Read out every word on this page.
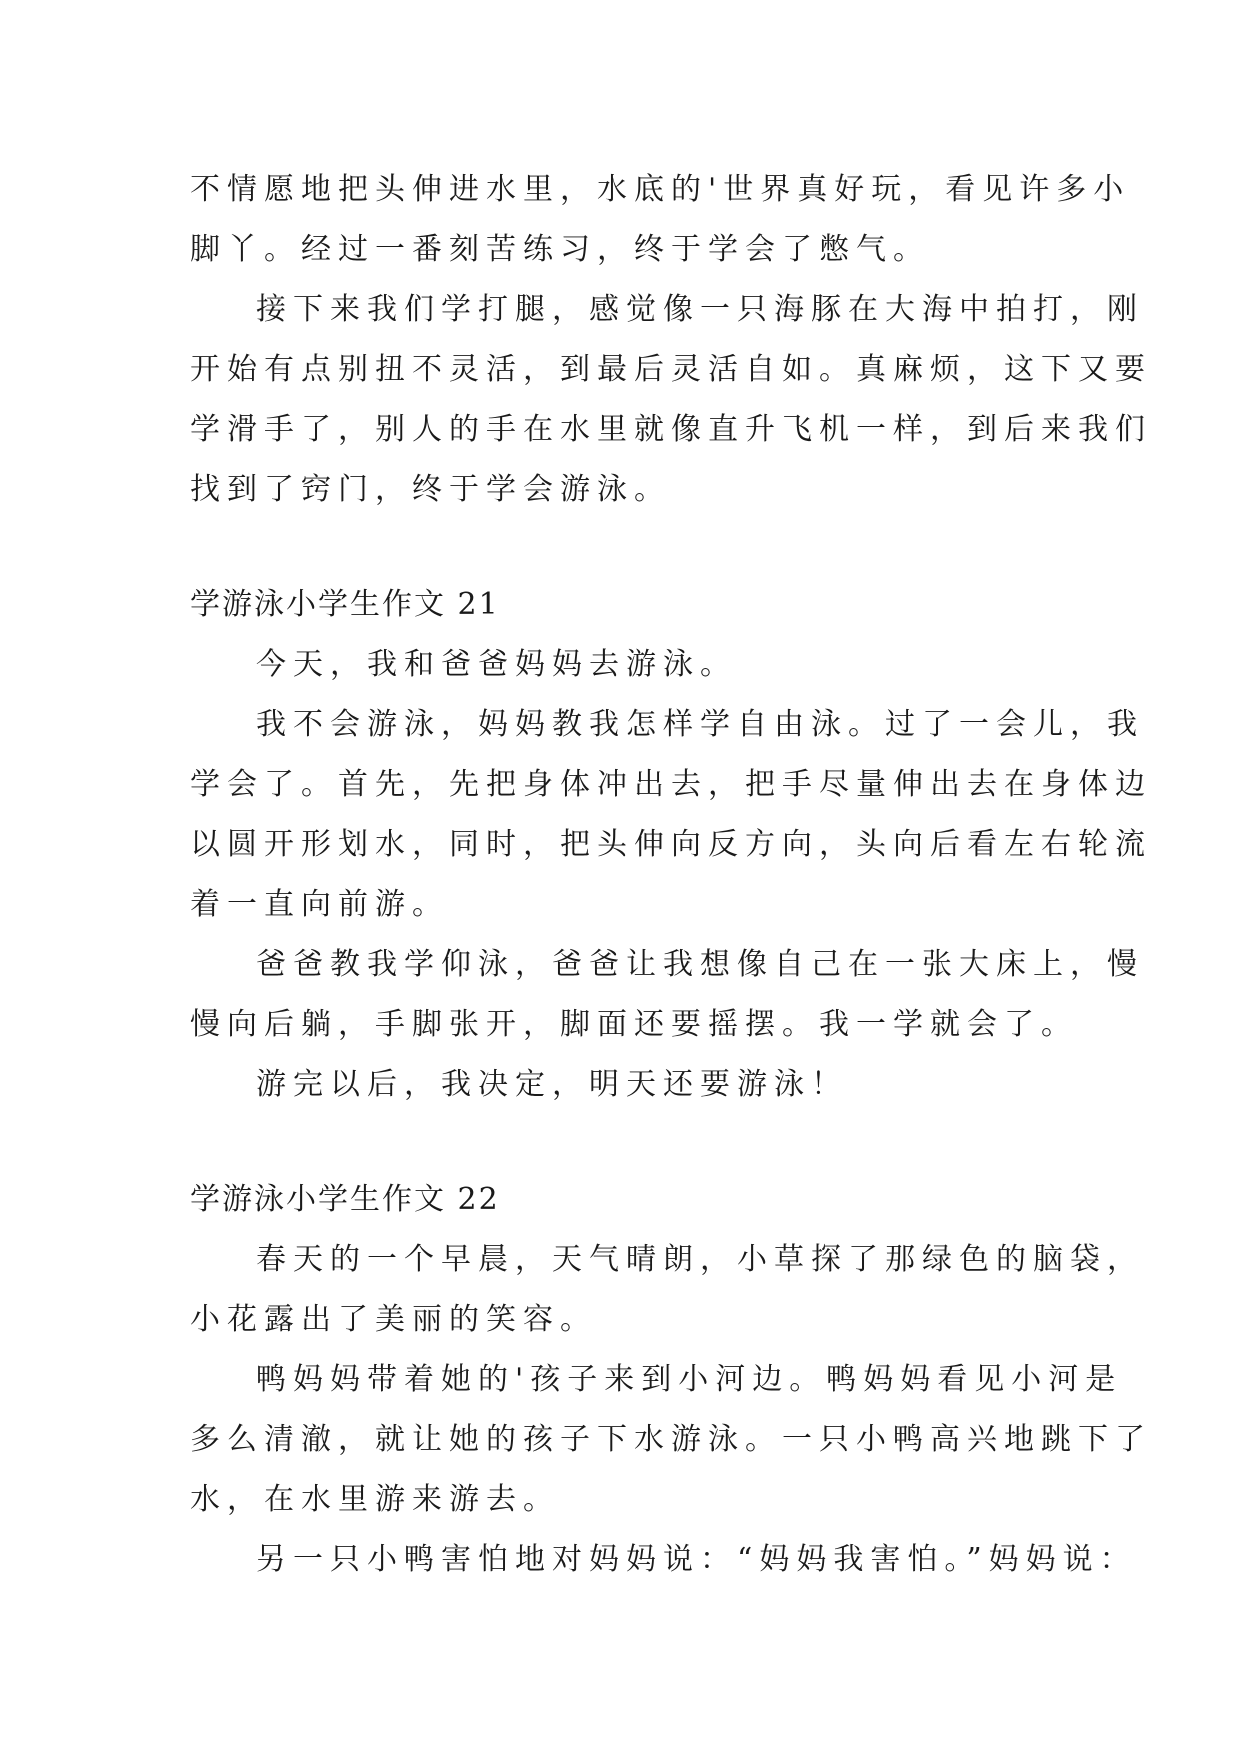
不情愿地把头伸进水里，水底的'世界真好玩，看见许多小
脚丫。经过一番刻苦练习，终于学会了憋气。
接下来我们学打腿，感觉像一只海豚在大海中拍打，刚
开始有点别扭不灵活，到最后灵活自如。真麻烦，这下又要
学滑手了，别人的手在水里就像直升飞机一样，到后来我们
找到了窍门，终于学会游泳。
学游泳小学生作文 21
今天，我和爸爸妈妈去游泳。
我不会游泳，妈妈教我怎样学自由泳。过了一会儿，我
学会了。首先，先把身体冲出去，把手尽量伸出去在身体边
以圆开形划水，同时，把头伸向反方向，头向后看左右轮流
着一直向前游。
爸爸教我学仰泳，爸爸让我想像自己在一张大床上，慢
慢向后躺，手脚张开，脚面还要摇摆。我一学就会了。
游完以后，我决定，明天还要游泳！
学游泳小学生作文 22
春天的一个早晨，天气晴朗，小草探了那绿色的脑袋，
小花露出了美丽的笑容。
鸭妈妈带着她的'孩子来到小河边。鸭妈妈看见小河是
多么清澈，就让她的孩子下水游泳。一只小鸭高兴地跳下了
水，在水里游来游去。
另一只小鸭害怕地对妈妈说：“妈妈我害怕。”妈妈说：
